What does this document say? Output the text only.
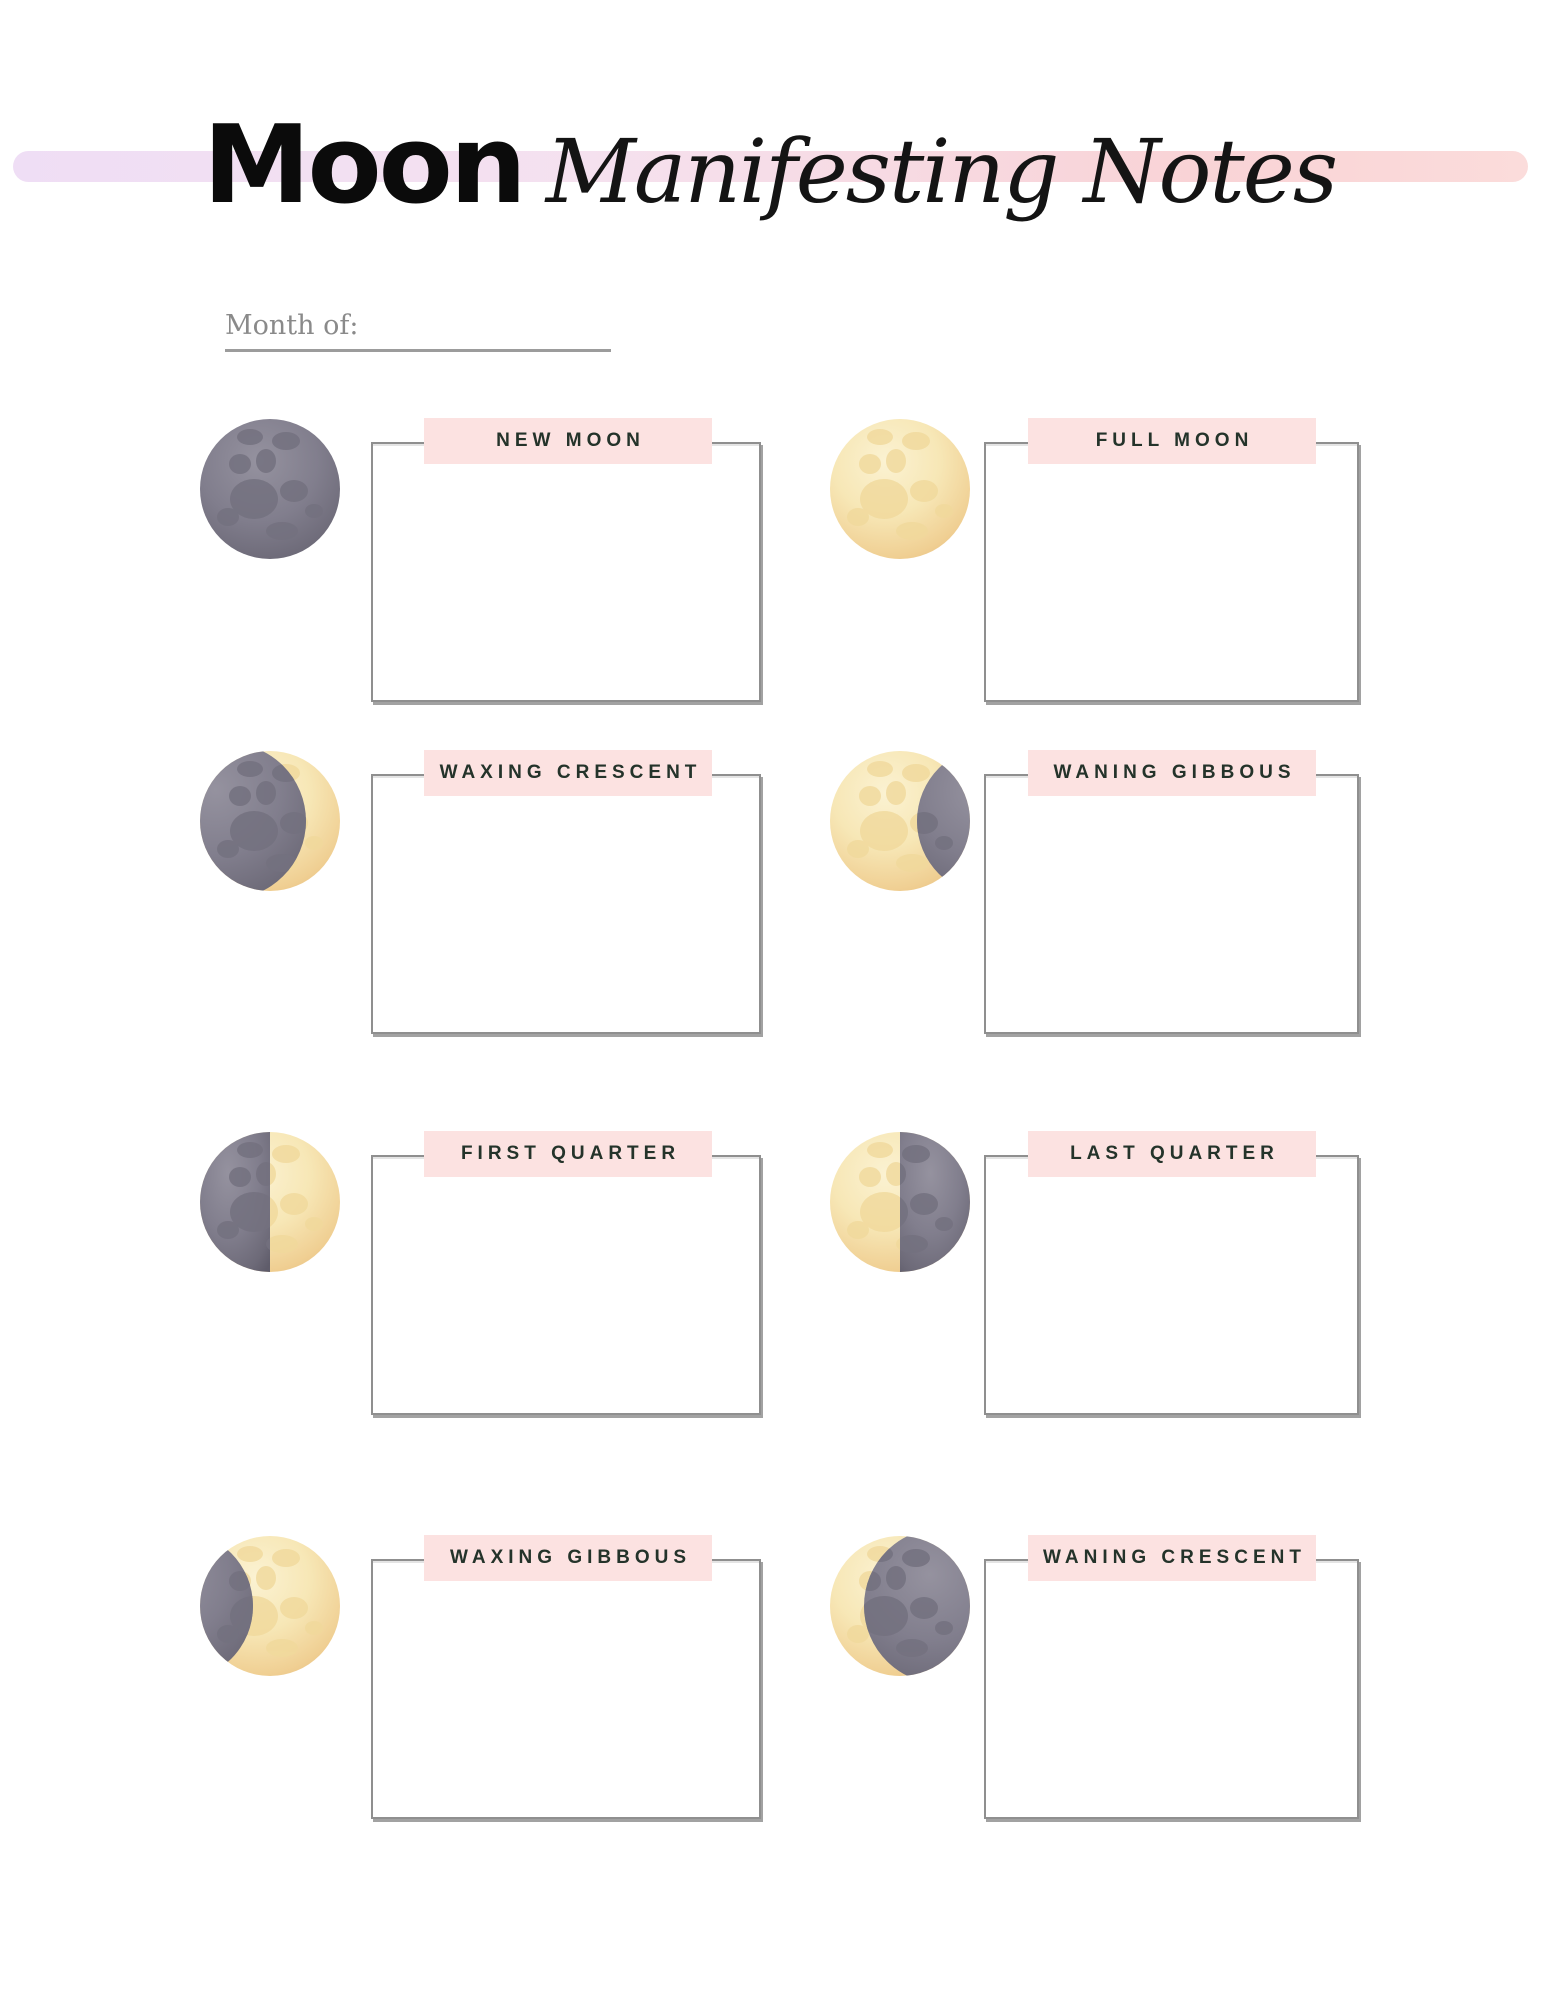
Moon Manifesting Notes
Month of:
NEW MOON	FULL MOON
WAXING CRESCENT	WANING GIBBOUS
FIRST QUARTER	LAST QUARTER
WAXING GIBBOUS	WANING CRESCENT
